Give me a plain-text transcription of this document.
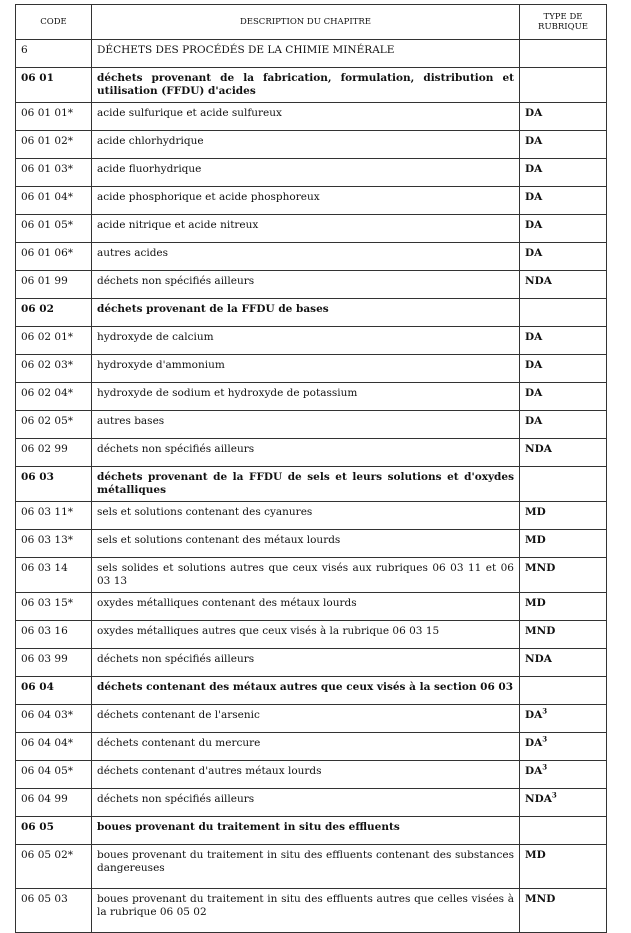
CODE	DESCRIPTION DU CHAPITRE	TYPE DE RUBRIQUE
6	DÉCHETS DES PROCÉDÉS DE LA CHIMIE MINÉRALE	
06 01	déchets provenant de la fabrication, formulation, distribution et utilisation (FFDU) d'acides	
06 01 01*	acide sulfurique et acide sulfureux	DA
06 01 02*	acide chlorhydrique	DA
06 01 03*	acide fluorhydrique	DA
06 01 04*	acide phosphorique et acide phosphoreux	DA
06 01 05*	acide nitrique et acide nitreux	DA
06 01 06*	autres acides	DA
06 01 99	déchets non spécifiés ailleurs	NDA
06 02	déchets provenant de la FFDU de bases	
06 02 01*	hydroxyde de calcium	DA
06 02 03*	hydroxyde d'ammonium	DA
06 02 04*	hydroxyde de sodium et hydroxyde de potassium	DA
06 02 05*	autres bases	DA
06 02 99	déchets non spécifiés ailleurs	NDA
06 03	déchets provenant de la FFDU de sels et leurs solutions et d'oxydes métalliques	
06 03 11*	sels et solutions contenant des cyanures	MD
06 03 13*	sels et solutions contenant des métaux lourds	MD
06 03 14	sels solides et solutions autres que ceux visés aux rubriques 06 03 11 et 06 03 13	MND
06 03 15*	oxydes métalliques contenant des métaux lourds	MD
06 03 16	oxydes métalliques autres que ceux visés à la rubrique 06 03 15	MND
06 03 99	déchets non spécifiés ailleurs	NDA
06 04	déchets contenant des métaux autres que ceux visés à la section 06 03	
06 04 03*	déchets contenant de l'arsenic	$DA^3$
06 04 04*	déchets contenant du mercure	$DA^3$
06 04 05*	déchets contenant d'autres métaux lourds	$DA^3$
06 04 99	déchets non spécifiés ailleurs	NDA$^3$
06 05	boues provenant du traitement in situ des effluents	
06 05 02*	boues provenant du traitement in situ des effluents contenant des substances dangereuses	MD
06 05 03	boues provenant du traitement in situ des effluents autres que celles visées à la rubrique 06 05 02	MND
